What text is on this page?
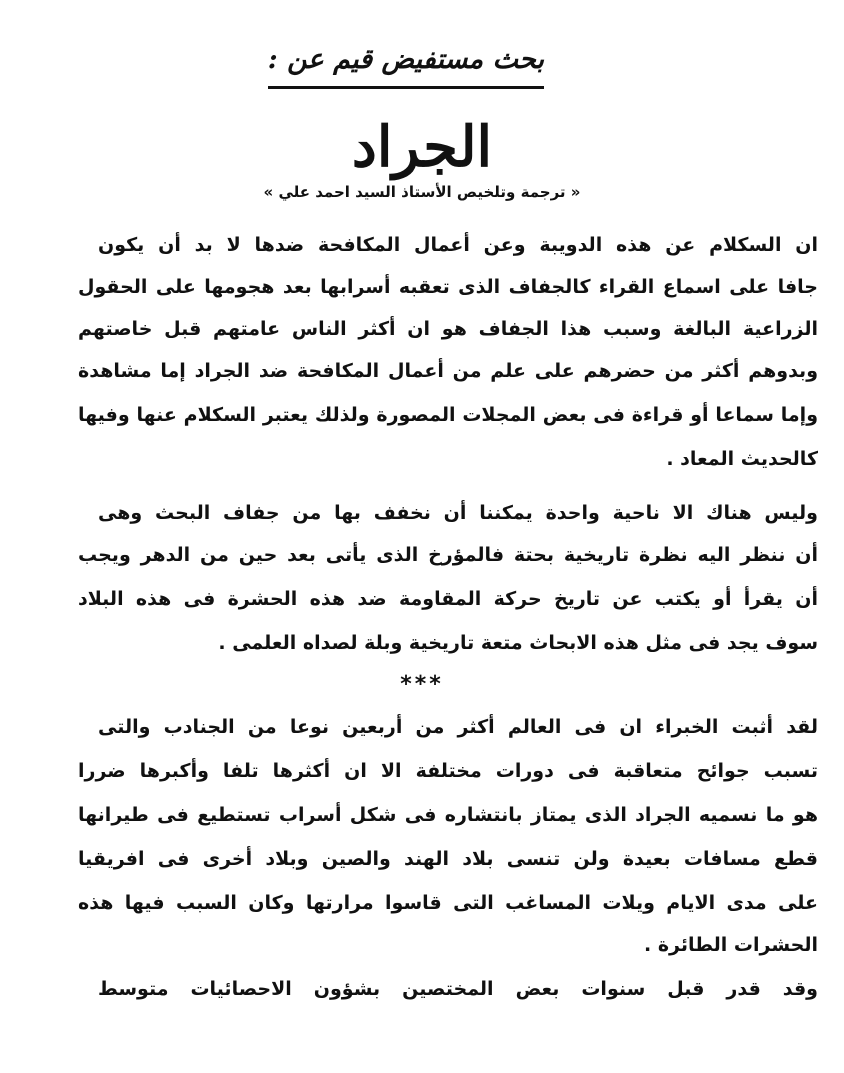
بحث مستفيض قيم عن :
الجراد
« ترجمة وتلخيص الأستاذ السيد احمد علي »
ان السكلام عن هذه الدويبة وعن أعمال المكافحة ضدها لا بد أن يكون
جافا على اسماع القراء كالجفاف الذى تعقبه أسرابها بعد هجومها على الحقول
الزراعية البالغة وسبب هذا الجفاف هو ان أكثر الناس عامتهم قبل خاصتهم
وبدوهم أكثر من حضرهم على علم من أعمال المكافحة ضد الجراد إما مشاهدة
وإما سماعا أو قراءة فى بعض المجلات المصورة ولذلك يعتبر السكلام عنها وفيها
كالحديث المعاد .
وليس هناك الا ناحية واحدة يمكننا أن نخفف بها من جفاف البحث وهى
أن ننظر اليه نظرة تاريخية بحتة فالمؤرخ الذى يأتى بعد حين من الدهر ويجب
أن يقرأ أو يكتب عن تاريخ حركة المقاومة ضد هذه الحشرة فى هذه البلاد
سوف يجد فى مثل هذه الابحاث متعة تاريخية وبلة لصداه العلمى .
***
لقد أثبت الخبراء ان فى العالم أكثر من أربعين نوعا من الجنادب والتى
تسبب جوائح متعاقبة فى دورات مختلفة الا ان أكثرها تلفا وأكبرها ضررا
هو ما نسميه الجراد الذى يمتاز بانتشاره فى شكل أسراب تستطيع فى طيرانها
قطع مسافات بعيدة ولن تنسى بلاد الهند والصين وبلاد أخرى فى افريقيا
على مدى الايام ويلات المساغب التى قاسوا مرارتها وكان السبب فيها هذه
الحشرات الطائرة .
وقد قدر قبل سنوات بعض المختصين بشؤون الاحصائيات متوسط
